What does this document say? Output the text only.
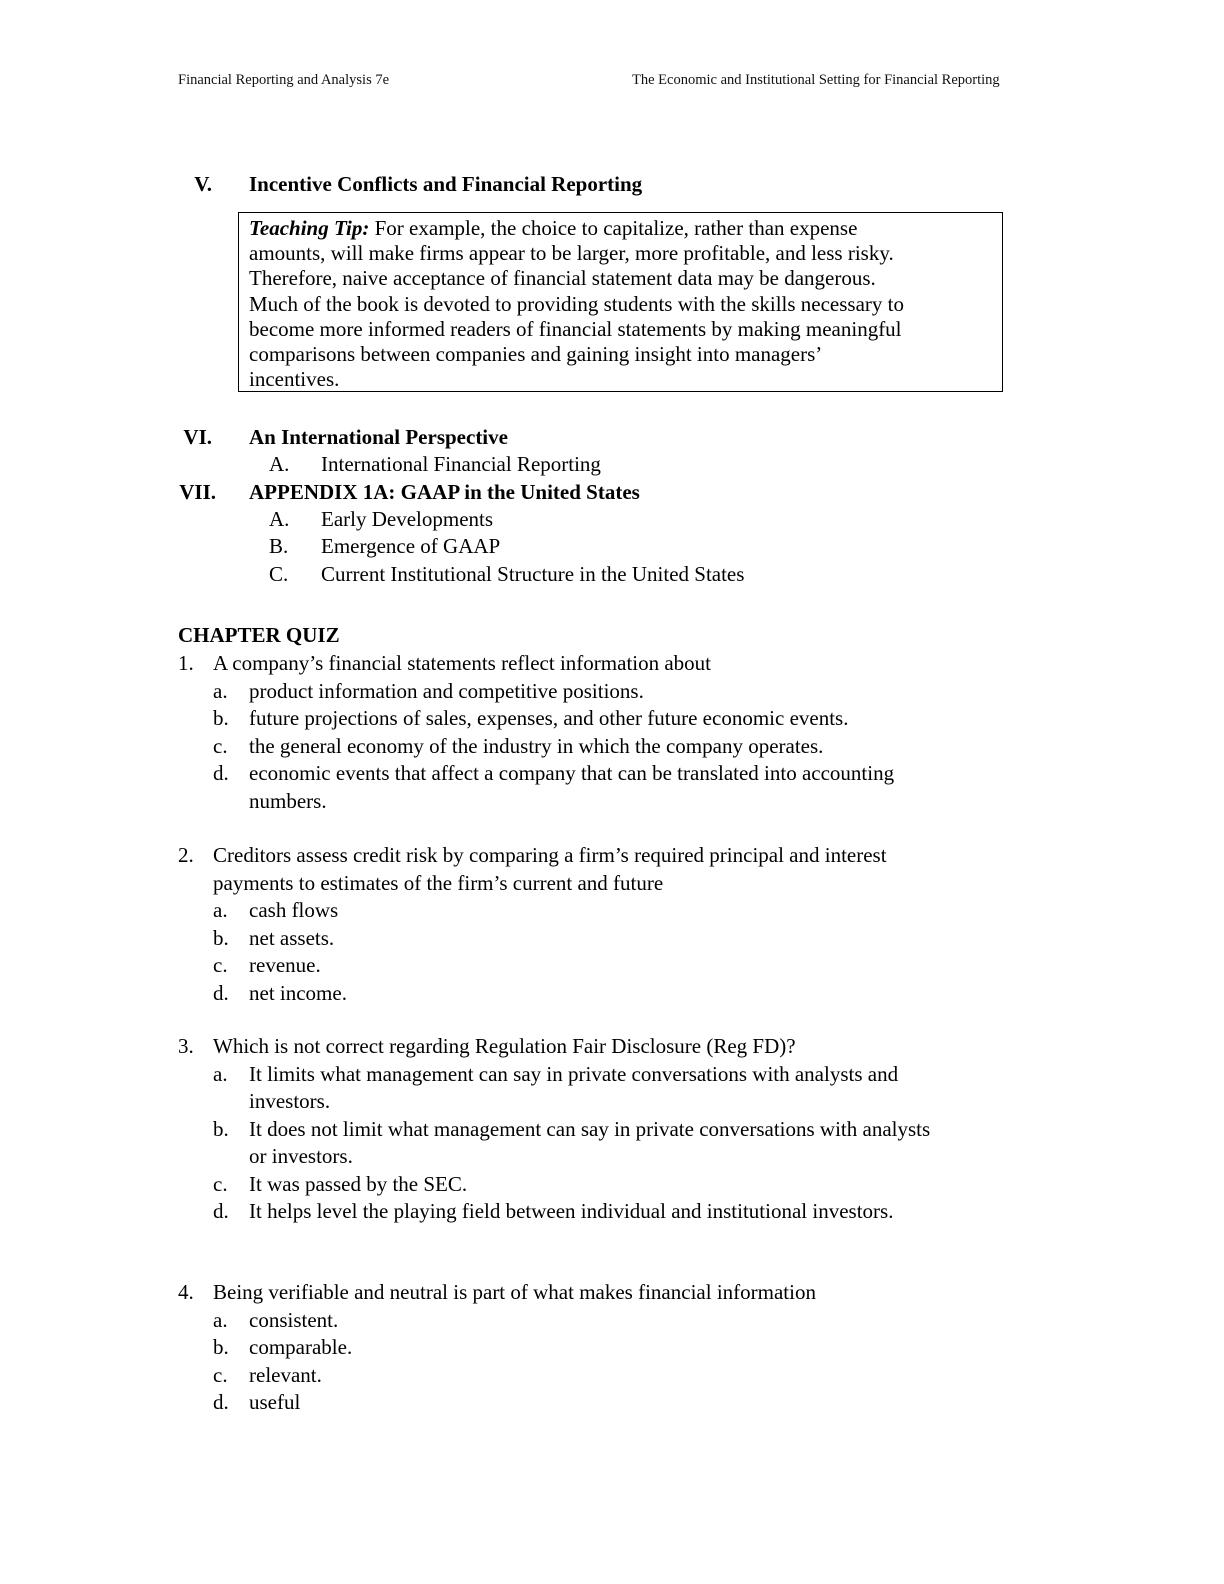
Financial Reporting and Analysis 7e	The Economic and Institutional Setting for Financial Reporting
V. Incentive Conflicts and Financial Reporting
Teaching Tip: For example, the choice to capitalize, rather than expense
amounts, will make firms appear to be larger, more profitable, and less risky.
Therefore, naive acceptance of financial statement data may be dangerous.
Much of the book is devoted to providing students with the skills necessary to
become more informed readers of financial statements by making meaningful
comparisons between companies and gaining insight into managers’
incentives.
VI. An International Perspective
A. International Financial Reporting
VII. APPENDIX 1A: GAAP in the United States
A. Early Developments
B. Emergence of GAAP
C. Current Institutional Structure in the United States
CHAPTER QUIZ
1. A company’s financial statements reflect information about
a. product information and competitive positions.
b. future projections of sales, expenses, and other future economic events.
c. the general economy of the industry in which the company operates.
d. economic events that affect a company that can be translated into accounting
numbers.
2. Creditors assess credit risk by comparing a firm’s required principal and interest
payments to estimates of the firm’s current and future
a. cash flows
b. net assets.
c. revenue.
d. net income.
3. Which is not correct regarding Regulation Fair Disclosure (Reg FD)?
a. It limits what management can say in private conversations with analysts and
investors.
b. It does not limit what management can say in private conversations with analysts
or investors.
c. It was passed by the SEC.
d. It helps level the playing field between individual and institutional investors.
4. Being verifiable and neutral is part of what makes financial information
a. consistent.
b. comparable.
c. relevant.
d. useful
